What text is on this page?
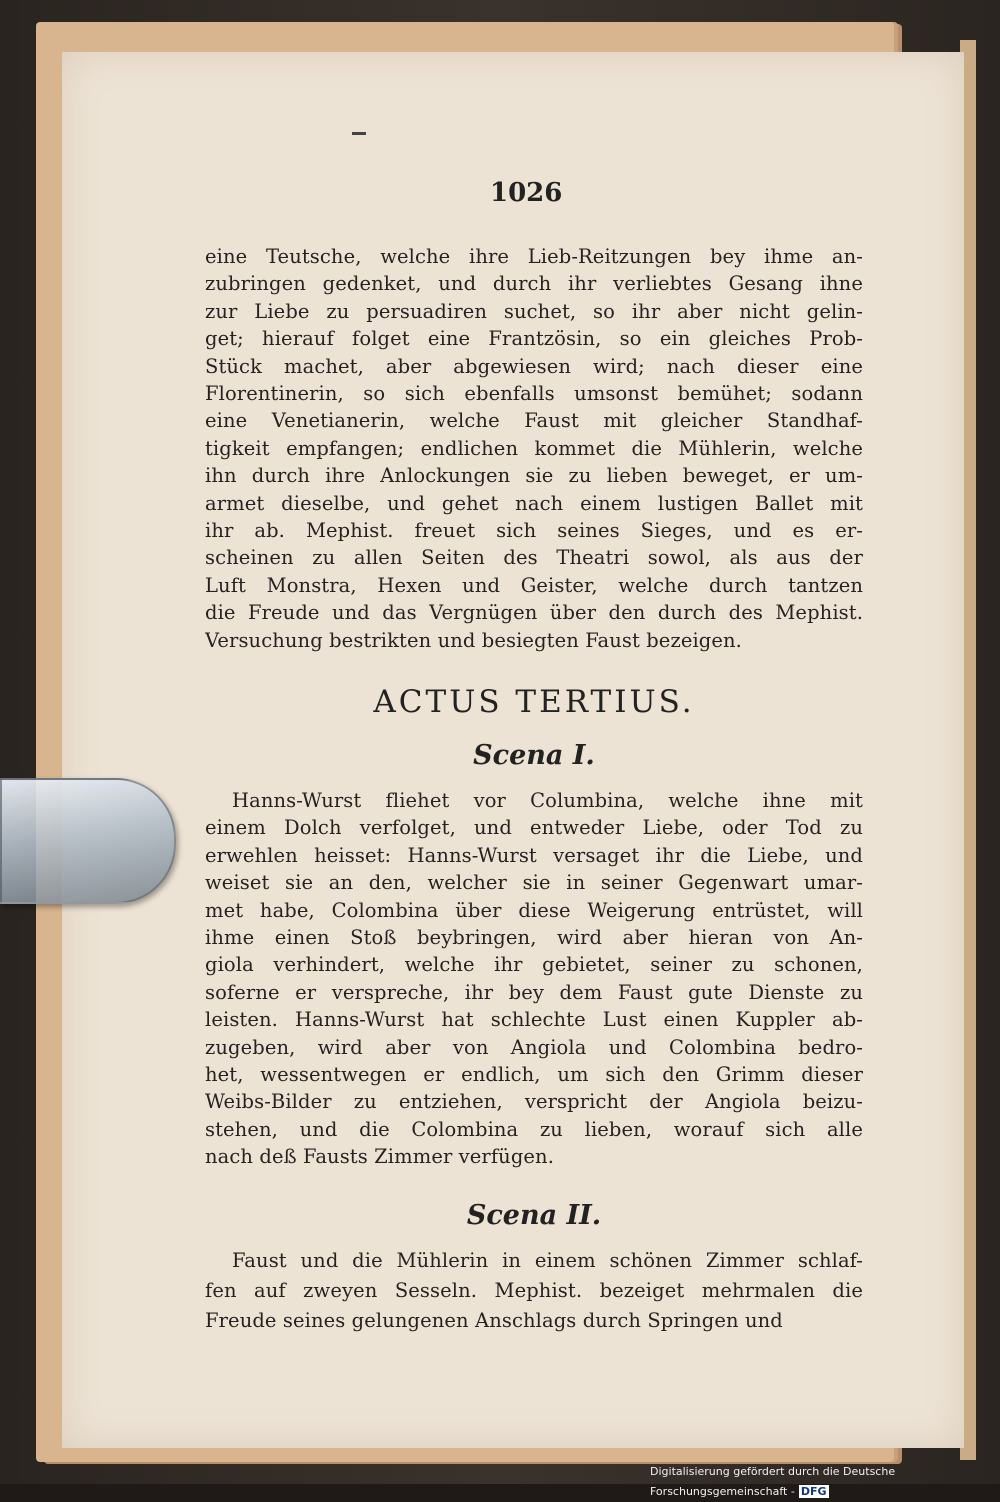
1026
eine Teutsche, welche ihre Lieb-Reitzungen bey ihme an-
zubringen gedenket, und durch ihr verliebtes Gesang ihne
zur Liebe zu persuadiren suchet, so ihr aber nicht gelin-
get; hierauf folget eine Frantzösin, so ein gleiches Prob-
Stück machet, aber abgewiesen wird; nach dieser eine
Florentinerin, so sich ebenfalls umsonst bemühet; sodann
eine Venetianerin, welche Faust mit gleicher Standhaf-
tigkeit empfangen; endlichen kommet die Mühlerin, welche
ihn durch ihre Anlockungen sie zu lieben beweget, er um-
armet dieselbe, und gehet nach einem lustigen Ballet mit
ihr ab. Mephist. freuet sich seines Sieges, und es er-
scheinen zu allen Seiten des Theatri sowol, als aus der
Luft Monstra, Hexen und Geister, welche durch tantzen
die Freude und das Vergnügen über den durch des Mephist.
Versuchung bestrikten und besiegten Faust bezeigen.
ACTUS TERTIUS.
Scena I.
Hanns-Wurst fliehet vor Columbina, welche ihne mit
einem Dolch verfolget, und entweder Liebe, oder Tod zu
erwehlen heisset: Hanns-Wurst versaget ihr die Liebe, und
weiset sie an den, welcher sie in seiner Gegenwart umar-
met habe, Colombina über diese Weigerung entrüstet, will
ihme einen Stoß beybringen, wird aber hieran von An-
giola verhindert, welche ihr gebietet, seiner zu schonen,
soferne er verspreche, ihr bey dem Faust gute Dienste zu
leisten. Hanns-Wurst hat schlechte Lust einen Kuppler ab-
zugeben, wird aber von Angiola und Colombina bedro-
het, wessentwegen er endlich, um sich den Grimm dieser
Weibs-Bilder zu entziehen, verspricht der Angiola beizu-
stehen, und die Colombina zu lieben, worauf sich alle
nach deß Fausts Zimmer verfügen.
Scena II.
Faust und die Mühlerin in einem schönen Zimmer schlaf-
fen auf zweyen Sesseln. Mephist. bezeiget mehrmalen die
Freude seines gelungenen Anschlags durch Springen und
Digitalisierung gefördert durch die Deutsche Forschungsgemeinschaft - DFG
